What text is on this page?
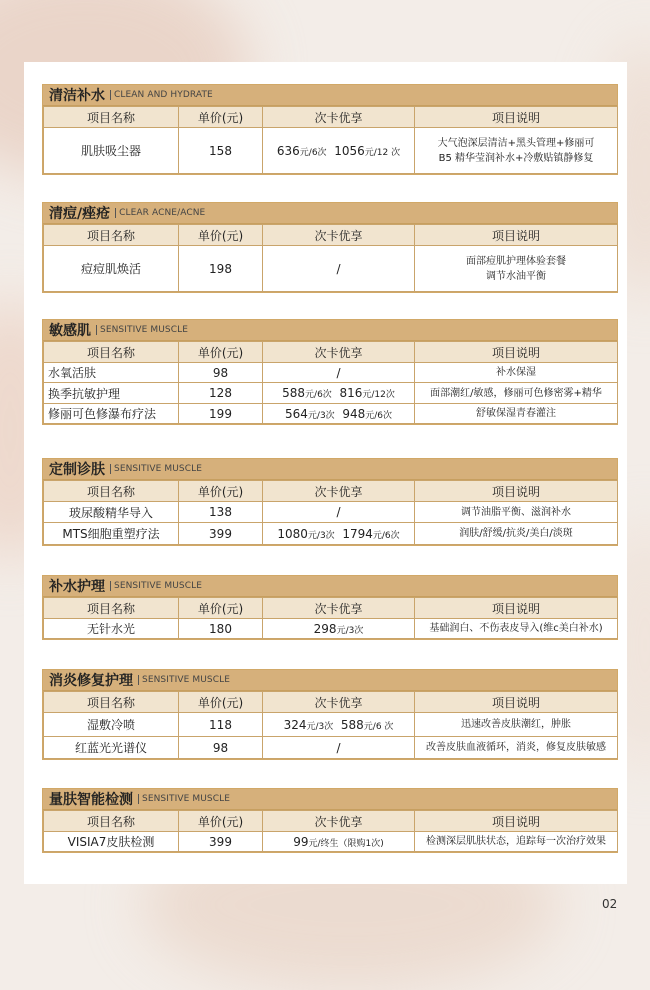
清洁补水	CLEAN AND HYDRATE
项目名称	单价(元)	次卡优享	项目说明
肌肤吸尘器	158	636元/6次 1056元/12 次	大气泡深层清洁+黑头管理+修丽可
B5 精华莹润补水+冷敷贴镇静修复
清痘/痤疮	CLEAR ACNE/ACNE
项目名称	单价(元)	次卡优享	项目说明
痘痘肌焕活	198	/	面部痘肌护理体验套餐
调节水油平衡
敏感肌	SENSITIVE MUSCLE
项目名称	单价(元)	次卡优享	项目说明
水氧活肤	98	/	补水保湿

换季抗敏护理	128	588元/6次 816元/12次	面部潮红/敏感，修丽可色修密雾+精华

修丽可色修瀑布疗法	199	564元/3次 948元/6次	舒敏保湿青春灌注
定制诊肤	SENSITIVE MUSCLE
项目名称	单价(元)	次卡优享	项目说明
玻尿酸精华导入	138	/	调节油脂平衡、滋润补水

MTS细胞重塑疗法	399	1080元/3次 1794元/6次	润肤/舒缓/抗炎/美白/淡斑
补水护理	SENSITIVE MUSCLE
项目名称	单价(元)	次卡优享	项目说明
无针水光	180	298元/3次	基础润白、不伤表皮导入(维c美白补水)
消炎修复护理	SENSITIVE MUSCLE
项目名称	单价(元)	次卡优享	项目说明
湿敷冷喷	118	324元/3次 588元/6 次	迅速改善皮肤潮红，肿胀

红蓝光光谱仪	98	/	改善皮肤血液循环，消炎，修复皮肤敏感
量肤智能检测	SENSITIVE MUSCLE
项目名称	单价(元)	次卡优享	项目说明
VISIA7皮肤检测	399	99元/终生（限购1次)	检测深层肌肤状态，追踪每一次治疗效果
02
